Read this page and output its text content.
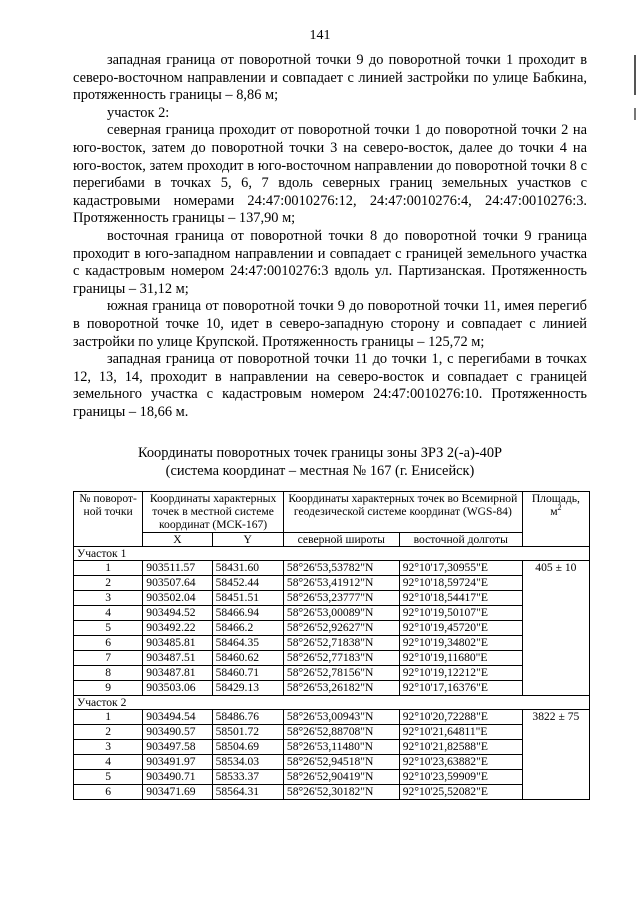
141

западная граница от поворотной точки 9 до поворотной точки 1 проходит в северо-восточном направлении и совпадает с линией застройки по улице Бабкина, протяженность границы – 8,86 м;

участок 2:

северная граница проходит от поворотной точки 1 до поворотной точки 2 на юго-восток, затем до поворотной точки 3 на северо-восток, далее до точки 4 на юго-восток, затем проходит в юго-восточном направлении до поворотной точки 8 с перегибами в точках 5, 6, 7 вдоль северных границ земельных участков с кадастровыми номерами 24:47:0010276:12, 24:47:0010276:4, 24:47:0010276:3. Протяженность границы – 137,90 м;

восточная граница от поворотной точки 8 до поворотной точки 9 граница проходит в юго-западном направлении и совпадает с границей земельного участка с кадастровым номером 24:47:0010276:3 вдоль ул. Партизанская. Протяженность границы – 31,12 м;

южная граница от поворотной точки 9 до поворотной точки 11, имея перегиб в поворотной точке 10, идет в северо-западную сторону и совпадает с линией застройки по улице Крупской. Протяженность границы – 125,72 м;

западная граница от поворотной точки 11 до точки 1, с перегибами в точках 12, 13, 14, проходит в направлении на северо-восток и совпадает с границей земельного участка с кадастровым номером 24:47:0010276:10. Протяженность границы – 18,66 м.

Координаты поворотных точек границы зоны ЗРЗ 2(-а)-40Р
(система координат – местная № 167 (г. Енисейск)
№ поворот-ной точки	Координаты характерных точек в местной системе координат (МСК-167)		Координаты характерных точек во Всемирной геодезической системе координат (WGS-84)		Площадь, $м^2$
	X	Y	северной широты	восточной долготы	
Участок 1					
1	903511.57	58431.60	58°26'53,53782"N	92°10'17,30955"E	405 ± 10
2	903507.64	58452.44	58°26'53,41912"N	92°10'18,59724"E	
3	903502.04	58451.51	58°26'53,23777"N	92°10'18,54417"E	
4	903494.52	58466.94	58°26'53,00089"N	92°10'19,50107"E	
5	903492.22	58466.2	58°26'52,92627"N	92°10'19,45720"E	
6	903485.81	58464.35	58°26'52,71838"N	92°10'19,34802"E	
7	903487.51	58460.62	58°26'52,77183"N	92°10'19,11680"E	
8	903487.81	58460.71	58°26'52,78156"N	92°10'19,12212"E	
9	903503.06	58429.13	58°26'53,26182"N	92°10'17,16376"E	
Участок 2					
1	903494.54	58486.76	58°26'53,00943"N	92°10'20,72288"E	3822 ± 75
2	903490.57	58501.72	58°26'52,88708"N	92°10'21,64811"E	
3	903497.58	58504.69	58°26'53,11480"N	92°10'21,82588"E	
4	903491.97	58534.03	58°26'52,94518"N	92°10'23,63882"E	
5	903490.71	58533.37	58°26'52,90419"N	92°10'23,59909"E	
6	903471.69	58564.31	58°26'52,30182"N	92°10'25,52082"E	
